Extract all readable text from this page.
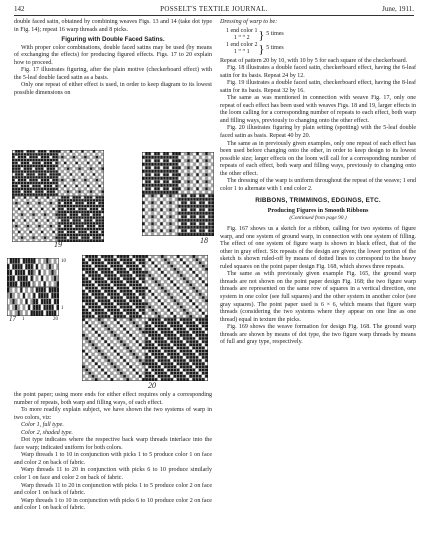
142	POSSELT'S TEXTILE JOURNAL.	June, 1911.

double faced satin, obtained by combining weaves Figs. 13 and 14 (take dot type in Fig. 14); repeat 16 warp threads and 8 picks.

Figuring with Double Faced Satins.

With proper color combinations, double faced satins may be used (by means of exchanging the effects) for producing figured effects. Figs. 17 to 20 explain how to proceed.

Fig. 17 illustrates figuring, after the plain motive (checkerboard effect) with the 5-leaf double faced satin as a basis.

Only one repeat of either effect is used, in order to keep diagram to its lowest possible dimensions on

19	18
10
1
17 1	20
20

the point paper; using more ends for either effect requires only a corresponding number of repeats, both warp and filling ways, of each effect.

To more readily explain subject, we have shown the two systems of warp in two colors, viz:

Color 1, full type.

Color 2, shaded type.

Dot type indicates where the respective back warp threads interlace into the face warp; indicated uniform for both colors.

Warp threads 1 to 10 in conjunction with picks 1 to 5 produce color 1 on face and color 2 on back of fabric.

Warp threads 11 to 20 in conjunction with picks 6 to 10 produce similarly color 1 on face and color 2 on back of fabric.

Warp threads 11 to 20 in conjunction with picks 1 to 5 produce color 2 on face and color 1 on back of fabric.

Warp threads 1 to 10 in conjunction with picks 6 to 10 produce color 2 on face and color 1 on back of fabric.

Dressing of warp to be:

1 end color 1
1 “ “ 2 } 5 times
1 end color 2
1 “ “ 1 } 5 times

Repeat of pattern 20 by 10, with 10 by 5 for each square of the checkerboard.

Fig. 18 illustrates a double faced satin, checkerboard effect, having the 6-leaf satin for its basis. Repeat 24 by 12.

Fig. 19 illustrates a double faced satin, checkerboard effect, having the 8-leaf satin for its basis. Repeat 32 by 16.

The same as was mentioned in connection with weave Fig. 17, only one repeat of each effect has been used with weaves Figs. 18 and 19, larger effects in the loom calling for a corresponding number of repeats to each effect, both warp and filling ways, previously to changing onto the other effect.

Fig. 20 illustrates figuring by plain setting (spotting) with the 5-leaf double faced satin as basis. Repeat 40 by 20.

The same as in previously given examples, only one repeat of each effect has been used before changing onto the other, in order to keep design to its lowest possible size; larger effects on the loom will call for a corresponding number of repeats of each effect, both warp and filling ways, previously to changing onto the other effect.

The dressing of the warp is uniform throughout the repeat of the weave; 1 end color 1 to alternate with 1 end color 2.

RIBBONS, TRIMMINGS, EDGINGS, ETC.
Producing Figures in Smooth Ribbons
(Continued from page 90.)

Fig. 167 shows us a sketch for a ribbon, calling for two systems of figure warp, and one system of ground warp, in connection with one system of filling. The effect of one system of figure warp is shown in black effect, that of the other in gray effect. Six repeats of the design are given; the lower portion of the sketch is shown ruled-off by means of dotted lines to correspond to the heavy ruled squares on the point paper design Fig. 168, which shows three repeats.

The same as with previously given example Fig. 165, the ground warp threads are not shown on the point paper design Fig. 168; the two figure warp threads are represented on the same row of squares in a vertical direction, one system in one color (see full squares) and the other system in another color (see gray squares). The point paper used is 6 × 6, which means that figure warp threads (considering the two systems where they appear on one line as one thread) equal in texture the picks.

Fig. 169 shows the weave formation for design Fig. 168. The ground warp threads are shown by means of dot type, the two figure warp threads by means of full and gray type, respectively.
